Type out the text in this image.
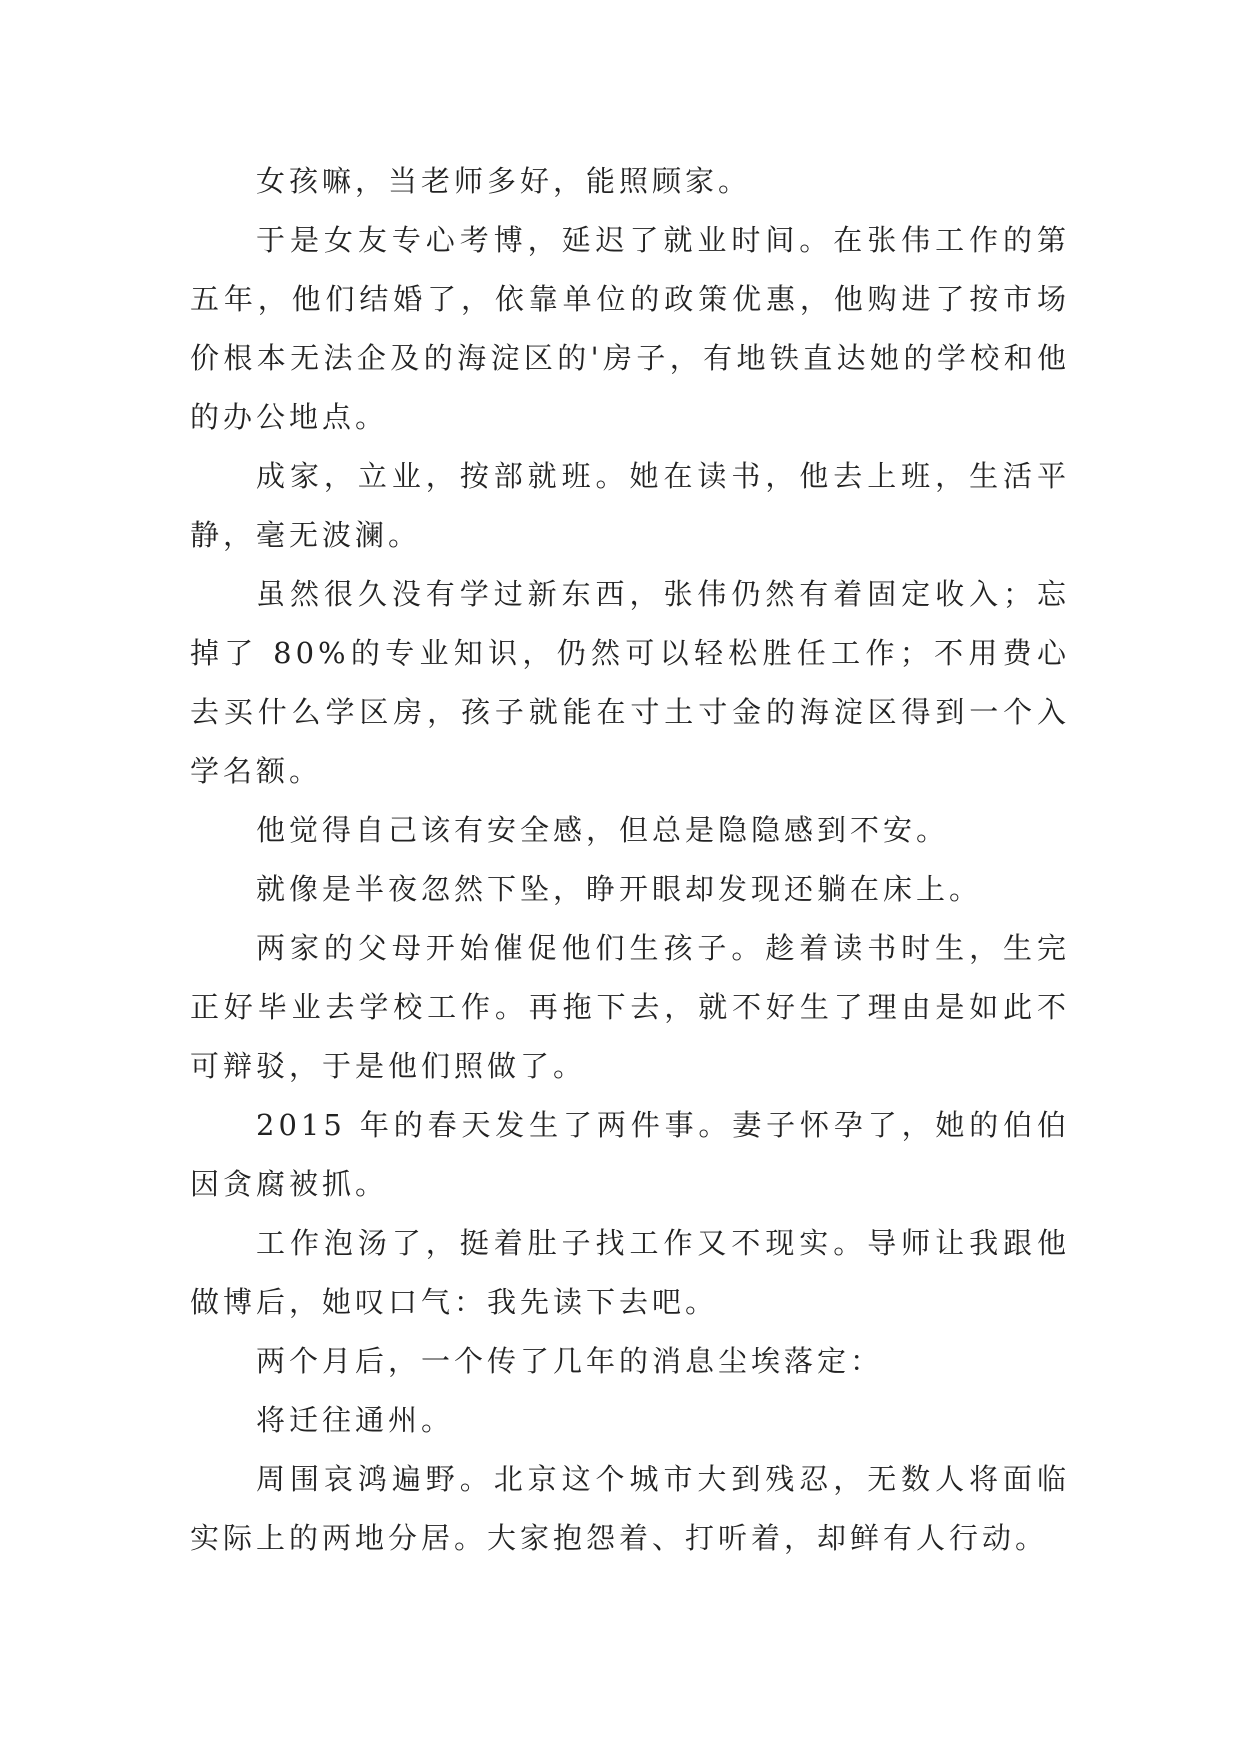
女孩嘛，当老师多好，能照顾家。

于是女友专心考博，延迟了就业时间。在张伟工作的第五年，他们结婚了，依靠单位的政策优惠，他购进了按市场价根本无法企及的海淀区的'房子，有地铁直达她的学校和他的办公地点。

成家，立业，按部就班。她在读书，他去上班，生活平静，毫无波澜。

虽然很久没有学过新东西，张伟仍然有着固定收入；忘掉了 80%的专业知识，仍然可以轻松胜任工作；不用费心去买什么学区房，孩子就能在寸土寸金的海淀区得到一个入学名额。

他觉得自己该有安全感，但总是隐隐感到不安。

就像是半夜忽然下坠，睁开眼却发现还躺在床上。

两家的父母开始催促他们生孩子。趁着读书时生，生完正好毕业去学校工作。再拖下去，就不好生了理由是如此不可辩驳，于是他们照做了。

2015 年的春天发生了两件事。妻子怀孕了，她的伯伯因贪腐被抓。

工作泡汤了，挺着肚子找工作又不现实。导师让我跟他做博后，她叹口气：我先读下去吧。

两个月后，一个传了几年的消息尘埃落定：

将迁往通州。

周围哀鸿遍野。北京这个城市大到残忍，无数人将面临实际上的两地分居。大家抱怨着、打听着，却鲜有人行动。
